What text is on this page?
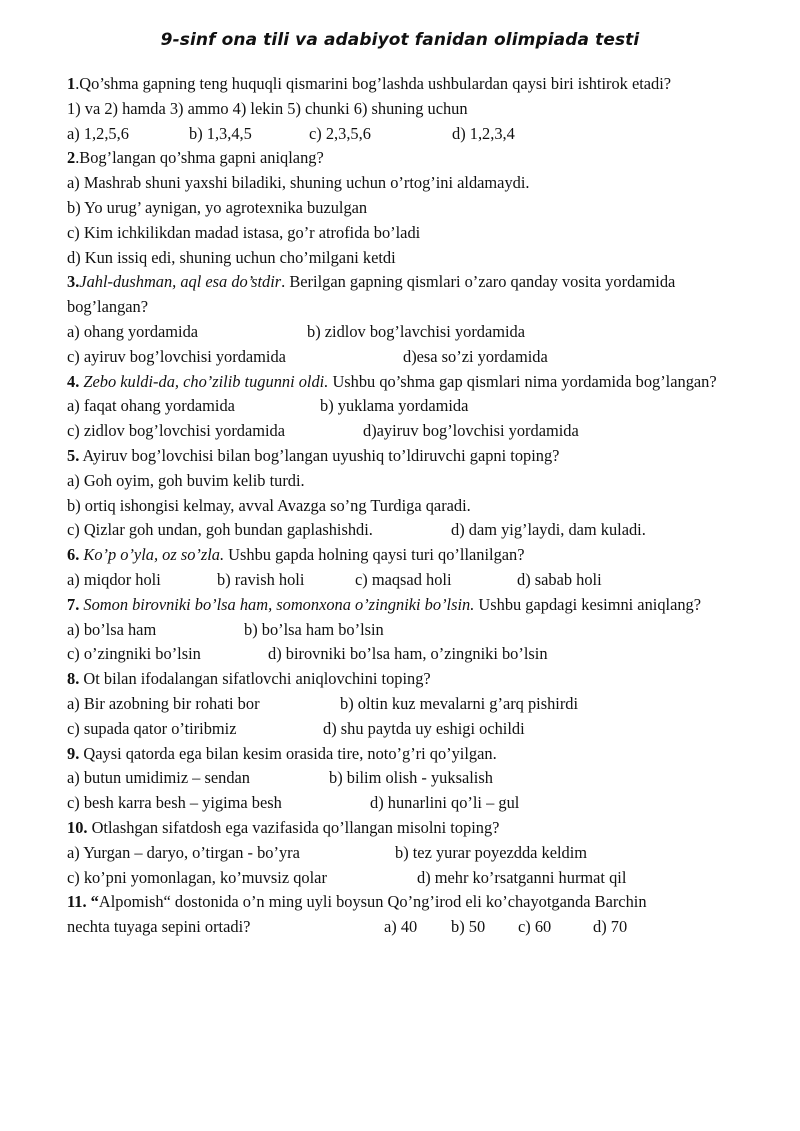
9-sinf ona tili va adabiyot fanidan olimpiada testi
1.Qo’shma gapning teng huquqli qismarini bog’lashda ushbulardan qaysi biri ishtirok etadi?
1) va 2) hamda 3) ammo 4) lekin 5) chunki 6) shuning uchun
a) 1,2,5,6	b) 1,3,4,5	c) 2,3,5,6	d) 1,2,3,4
2.Bog’langan qo’shma gapni aniqlang?
a) Mashrab shuni yaxshi biladiki, shuning uchun o’rtog’ini aldamaydi.
b) Yo urug’ aynigan, yo agrotexnika buzulgan
c) Kim ichkilikdan madad istasa, go’r atrofida bo’ladi
d) Kun issiq edi, shuning uchun cho’milgani ketdi
3.Jahl-dushman, aql esa do’stdir. Berilgan gapning qismlari o’zaro qanday vosita yordamida bog’langan?
a) ohang yordamida	b) zidlov bog’lavchisi yordamida
c) ayiruv bog’lovchisi yordamida	d)esa so’zi yordamida
4. Zebo kuldi-da, cho’zilib tugunni oldi. Ushbu qo’shma gap qismlari nima yordamida bog’langan?
a) faqat ohang yordamida	b) yuklama yordamida
c) zidlov bog’lovchisi yordamida	d)ayiruv bog’lovchisi yordamida
5. Ayiruv bog’lovchisi bilan bog’langan uyushiq to’ldiruvchi gapni toping?
a) Goh oyim, goh buvim kelib turdi.
b) ortiq ishongisi kelmay, avval Avazga so’ng Turdiga qaradi.
c) Qizlar goh undan, goh bundan gaplashishdi.	d) dam yig’laydi, dam kuladi.
6. Ko’p o’yla, oz so’zla. Ushbu gapda holning qaysi turi qo’llanilgan?
a) miqdor holi	b) ravish holi	c) maqsad holi	d) sabab holi
7. Somon birovniki bo’lsa ham, somonxona o’zingniki bo’lsin. Ushbu gapdagi kesimni aniqlang?
a) bo’lsa ham	b) bo’lsa ham bo’lsin
c) o’zingniki bo’lsin	d) birovniki bo’lsa ham, o’zingniki bo’lsin
8. Ot bilan ifodalangan sifatlovchi aniqlovchini toping?
a) Bir azobning bir rohati bor	b) oltin kuz mevalarni g’arq pishirdi
c) supada qator o’tiribmiz	d) shu paytda uy eshigi ochildi
9. Qaysi qatorda ega bilan kesim orasida tire, noto’g’ri qo’yilgan.
a) butun umidimiz – sendan	b) bilim olish - yuksalish
c) besh karra besh – yigima besh	d) hunarlini qo’li – gul
10. Otlashgan sifatdosh ega vazifasida qo’llangan misolni toping?
a) Yurgan – daryo, o’tirgan - bo’yra	b) tez yurar poyezdda keldim
c) ko’pni yomonlagan, ko’muvsiz qolar	d) mehr ko’rsatganni hurmat qil
11. “Alpomish“ dostonida o’n ming uyli boysun Qo’ng’irod eli ko’chayotganda Barchin
nechta tuyaga sepini ortadi?	a) 40 b) 50 c) 60	d) 70
